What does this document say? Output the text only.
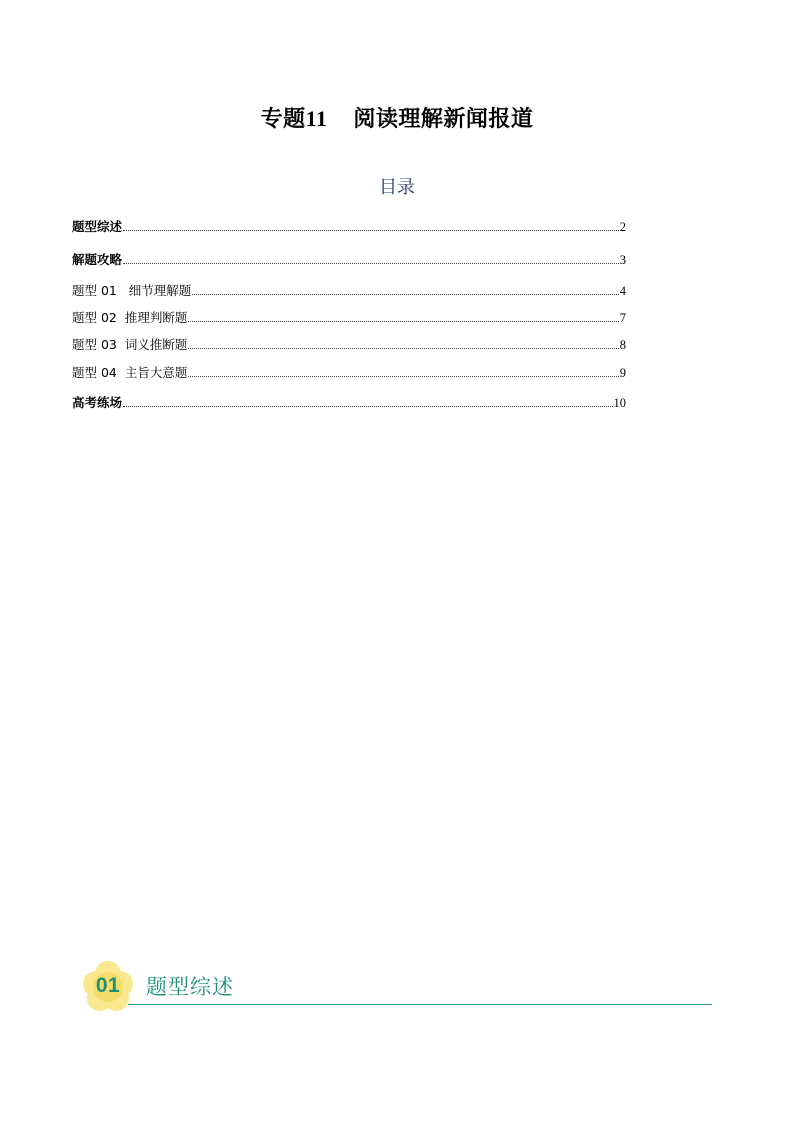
专题11 阅读理解新闻报道
目录
题型综述	2
解题攻略	3
题型 01   细节理解题	4
题型 02  推理判断题	7
题型 03  词义推断题	8
题型 04  主旨大意题	9
高考练场	10
01	题型综述
